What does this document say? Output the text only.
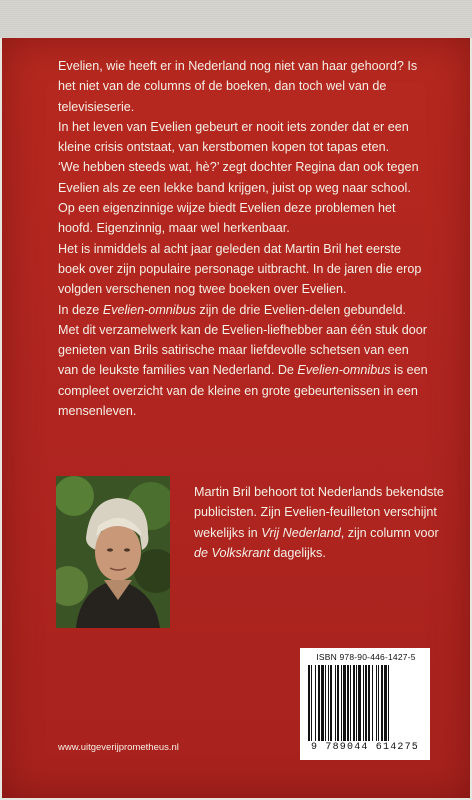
Evelien, wie heeft er in Nederland nog niet van haar gehoord? Is het niet van de columns of de boeken, dan toch wel van de televisieserie.

In het leven van Evelien gebeurt er nooit iets zonder dat er een kleine crisis ontstaat, van kerstbomen kopen tot tapas eten.

‘We hebben steeds wat, hè?’ zegt dochter Regina dan ook tegen Evelien als ze een lekke band krijgen, juist op weg naar school. Op een eigenzinnige wijze biedt Evelien deze problemen het hoofd. Eigenzinnig, maar wel herkenbaar.

Het is inmiddels al acht jaar geleden dat Martin Bril het eerste boek over zijn populaire personage uitbracht. In de jaren die erop volgden verschenen nog twee boeken over Evelien.

In deze Evelien-omnibus zijn de drie Evelien-delen gebundeld. Met dit verzamelwerk kan de Evelien-liefhebber aan één stuk door genieten van Brils satirische maar liefdevolle schetsen van een van de leukste families van Nederland. De Evelien-omnibus is een compleet overzicht van de kleine en grote gebeurtenissen in een mensenleven.

Martin Bril behoort tot Nederlands bekendste publicisten. Zijn Evelien-feuilleton verschijnt wekelijks in Vrij Nederland, zijn column voor de Volkskrant dagelijks.

ISBN 978-90-446-1427-5
9 789044 614275
www.uitgeverijprometheus.nl
